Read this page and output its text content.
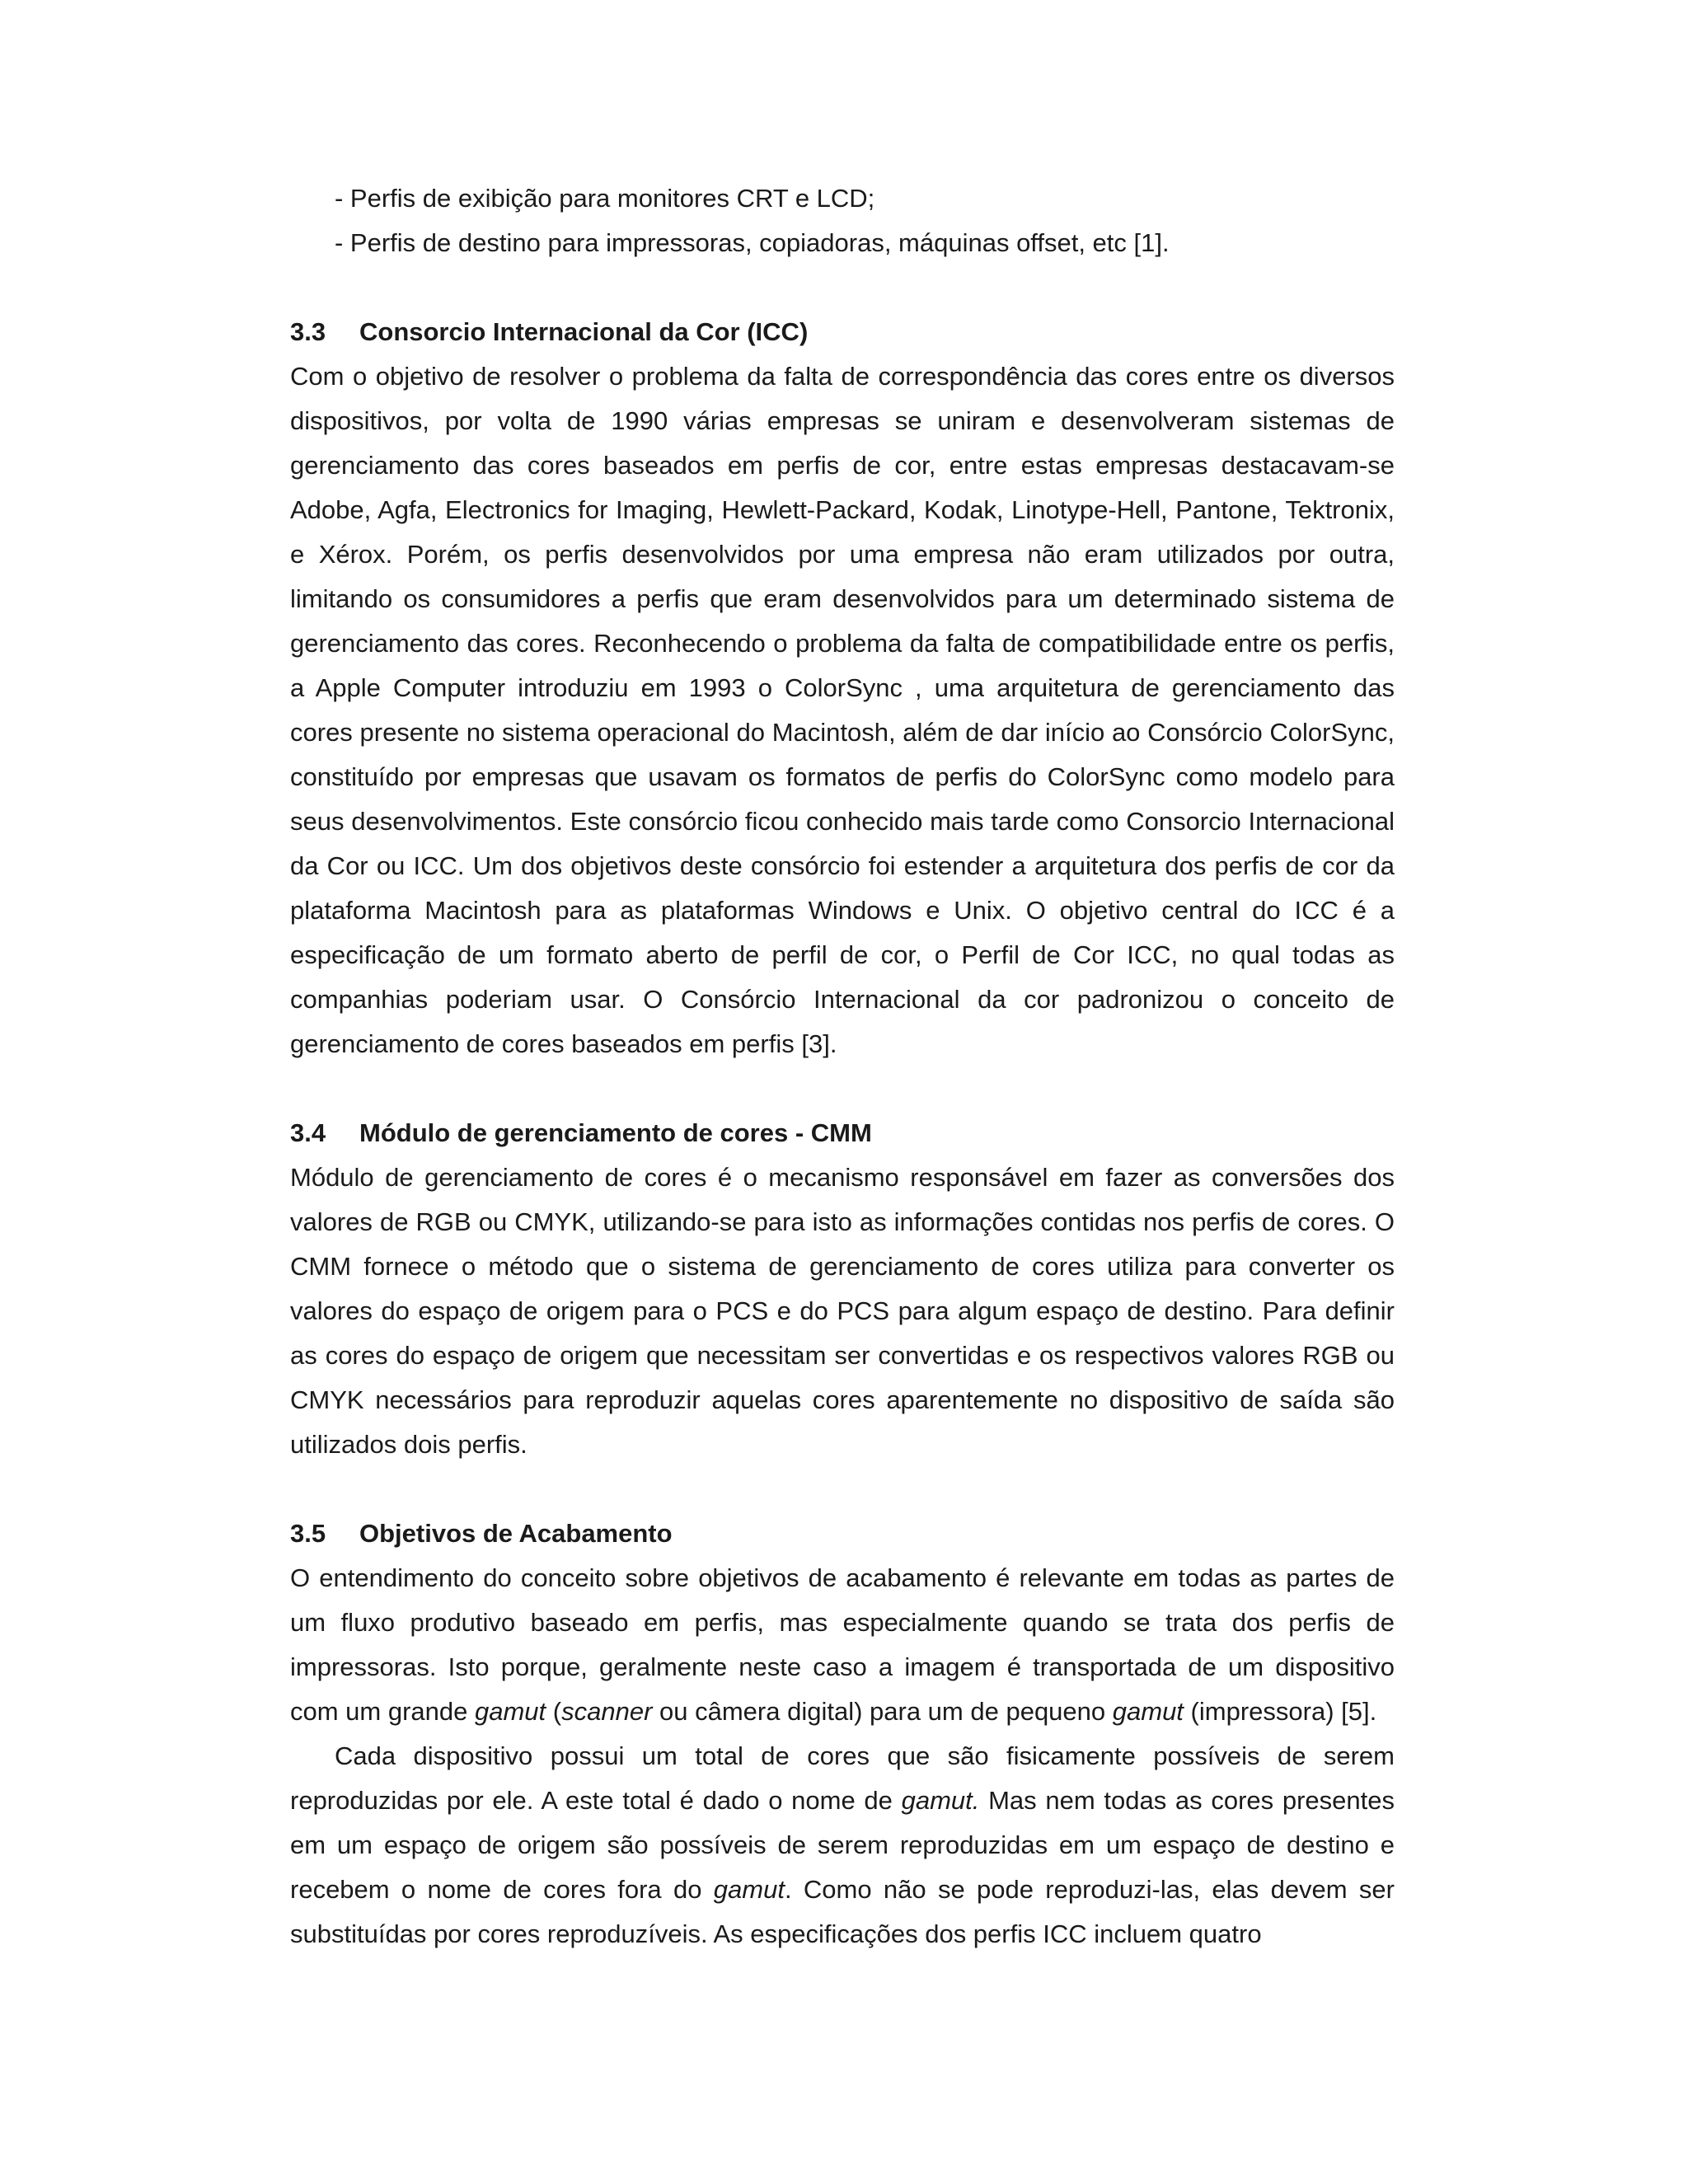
- Perfis de exibição para monitores CRT e LCD;

- Perfis de destino para impressoras, copiadoras, máquinas offset, etc [1].

3.3 Consorcio Internacional da Cor (ICC)

Com o objetivo de resolver o problema da falta de correspondência das cores entre os diversos dispositivos, por volta de 1990 várias empresas se uniram e desenvolveram sistemas de gerenciamento das cores baseados em perfis de cor, entre estas empresas destacavam-se Adobe, Agfa, Electronics for Imaging, Hewlett-Packard, Kodak, Linotype-Hell, Pantone, Tektronix, e Xérox. Porém, os perfis desenvolvidos por uma empresa não eram utilizados por outra, limitando os consumidores a perfis que eram desenvolvidos para um determinado sistema de gerenciamento das cores. Reconhecendo o problema da falta de compatibilidade entre os perfis, a Apple Computer introduziu em 1993 o ColorSync , uma arquitetura de gerenciamento das cores presente no sistema operacional do Macintosh, além de dar início ao Consórcio ColorSync, constituído por empresas que usavam os formatos de perfis do ColorSync como modelo para seus desenvolvimentos. Este consórcio ficou conhecido mais tarde como Consorcio Internacional da Cor ou ICC. Um dos objetivos deste consórcio foi estender a arquitetura dos perfis de cor da plataforma Macintosh para as plataformas Windows e Unix. O objetivo central do ICC é a especificação de um formato aberto de perfil de cor, o Perfil de Cor ICC, no qual todas as companhias poderiam usar. O Consórcio Internacional da cor padronizou o conceito de gerenciamento de cores baseados em perfis [3].

3.4 Módulo de gerenciamento de cores - CMM

Módulo de gerenciamento de cores é o mecanismo responsável em fazer as conversões dos valores de RGB ou CMYK, utilizando-se para isto as informações contidas nos perfis de cores. O CMM fornece o método que o sistema de gerenciamento de cores utiliza para converter os valores do espaço de origem para o PCS e do PCS para algum espaço de destino. Para definir as cores do espaço de origem que necessitam ser convertidas e os respectivos valores RGB ou CMYK necessários para reproduzir aquelas cores aparentemente no dispositivo de saída são utilizados dois perfis.

3.5 Objetivos de Acabamento

O entendimento do conceito sobre objetivos de acabamento é relevante em todas as partes de um fluxo produtivo baseado em perfis, mas especialmente quando se trata dos perfis de impressoras. Isto porque, geralmente neste caso a imagem é transportada de um dispositivo com um grande gamut (scanner ou câmera digital) para um de pequeno gamut (impressora) [5].

Cada dispositivo possui um total de cores que são fisicamente possíveis de serem reproduzidas por ele. A este total é dado o nome de gamut. Mas nem todas as cores presentes em um espaço de origem são possíveis de serem reproduzidas em um espaço de destino e recebem o nome de cores fora do gamut. Como não se pode reproduzi-las, elas devem ser substituídas por cores reproduzíveis. As especificações dos perfis ICC incluem quatro
